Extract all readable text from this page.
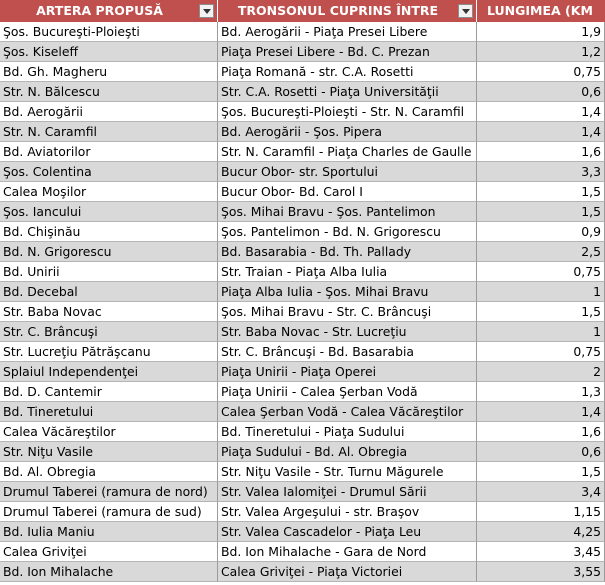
ARTERA PROPUSĂ	TRONSONUL CUPRINS ÎNTRE	LUNGIMEA (KM
Şos. Bucureşti-Ploieşti	Bd. Aerogării - Piaţa Presei Libere	1,9
Şos. Kiseleff	Piaţa Presei Libere - Bd. C. Prezan	1,2
Bd. Gh. Magheru	Piaţa Romană - str. C.A. Rosetti	0,75
Str. N. Bălcescu	Str. C.A. Rosetti - Piaţa Universităţii	0,6
Bd. Aerogării	Şos. Bucureşti-Ploieşti - Str. N. Caramfil	1,4
Str. N. Caramfil	Bd. Aerogării - Şos. Pipera	1,4
Bd. Aviatorilor	Str. N. Caramfil - Piaţa Charles de Gaulle	1,6
Şos. Colentina	Bucur Obor- str. Sportului	3,3
Calea Moşilor	Bucur Obor- Bd. Carol I	1,5
Şos. Iancului	Şos. Mihai Bravu - Şos. Pantelimon	1,5
Bd. Chişinău	Şos. Pantelimon - Bd. N. Grigorescu	0,9
Bd. N. Grigorescu	Bd. Basarabia - Bd. Th. Pallady	2,5
Bd. Unirii	Str. Traian - Piaţa Alba Iulia	0,75
Bd. Decebal	Piaţa Alba Iulia - Şos. Mihai Bravu	1
Str. Baba Novac	Şos. Mihai Bravu - Str. C. Brâncuşi	1,5
Str. C. Brâncuşi	Str. Baba Novac - Str. Lucreţiu	1
Str. Lucreţiu Pătrăşcanu	Str. C. Brâncuşi - Bd. Basarabia	0,75
Splaiul Independenţei	Piaţa Unirii - Piaţa Operei	2
Bd. D. Cantemir	Piaţa Unirii - Calea Şerban Vodă	1,3
Bd. Tineretului	Calea Şerban Vodă - Calea Văcăreştilor	1,4
Calea Văcăreştilor	Bd. Tineretului - Piaţa Sudului	1,6
Str. Niţu Vasile	Piaţa Sudului - Bd. Al. Obregia	0,6
Bd. Al. Obregia	Str. Niţu Vasile - Str. Turnu Măgurele	1,5
Drumul Taberei (ramura de nord)	Str. Valea Ialomiţei - Drumul Sării	3,4
Drumul Taberei (ramura de sud)	Str. Valea Argeşului - str. Braşov	1,15
Bd. Iulia Maniu	Str. Valea Cascadelor - Piaţa Leu	4,25
Calea Griviţei	Bd. Ion Mihalache - Gara de Nord	3,45
Bd. Ion Mihalache	Calea Griviţei - Piaţa Victoriei	3,55
